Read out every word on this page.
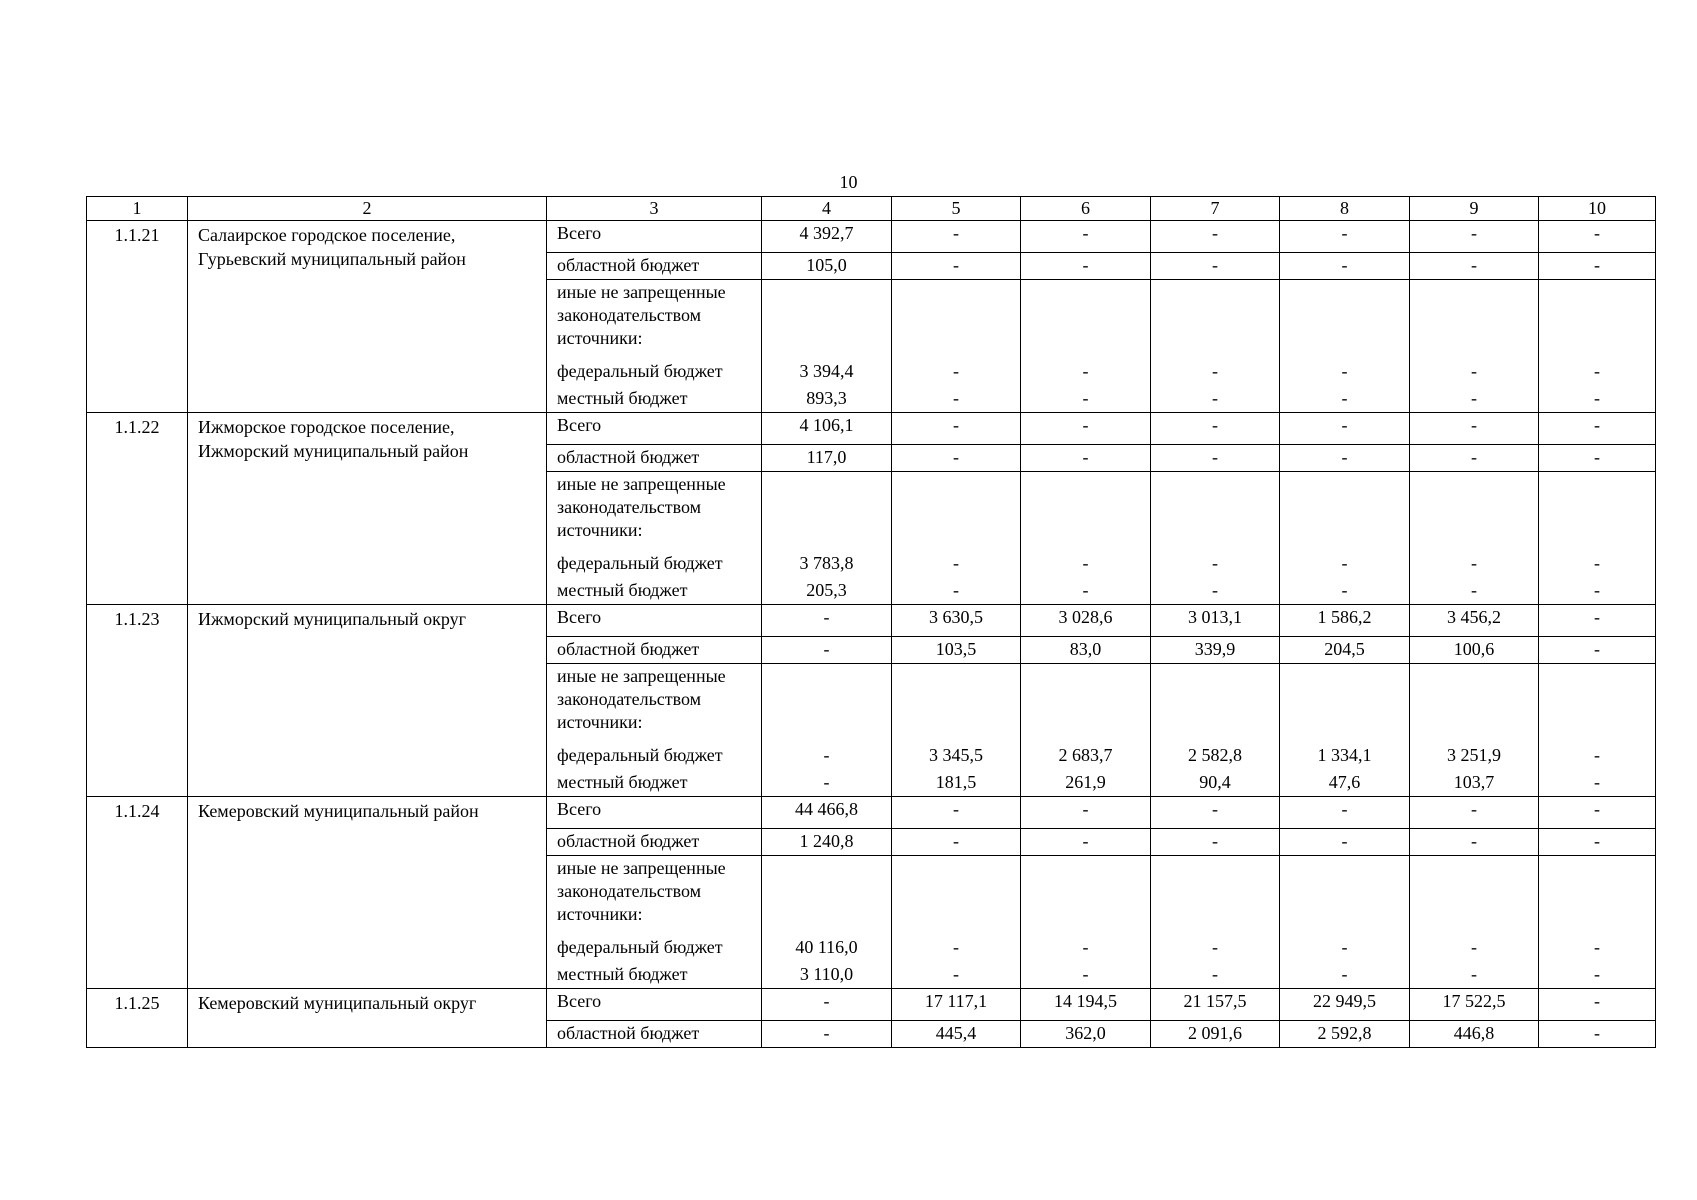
10
1	2	3	4	5	6	7	8	9	10
1.1.21	Салаирское городское поселение, Гурьевский муниципальный район	Всего	4 392,7	-	-	-	-	-	-
		областной бюджет	105,0	-	-	-	-	-	-
		иные не запрещенные законодательством источники:							
		федеральный бюджет	3 394,4	-	-	-	-	-	-
		местный бюджет	893,3	-	-	-	-	-	-
1.1.22	Ижморское городское поселение, Ижморский муниципальный район	Всего	4 106,1	-	-	-	-	-	-
		областной бюджет	117,0	-	-	-	-	-	-
		иные не запрещенные законодательством источники:							
		федеральный бюджет	3 783,8	-	-	-	-	-	-
		местный бюджет	205,3	-	-	-	-	-	-
1.1.23	Ижморский муниципальный округ	Всего	-	3 630,5	3 028,6	3 013,1	1 586,2	3 456,2	-
		областной бюджет	-	103,5	83,0	339,9	204,5	100,6	-
		иные не запрещенные законодательством источники:							
		федеральный бюджет	-	3 345,5	2 683,7	2 582,8	1 334,1	3 251,9	-
		местный бюджет	-	181,5	261,9	90,4	47,6	103,7	-
1.1.24	Кемеровский муниципальный район	Всего	44 466,8	-	-	-	-	-	-
		областной бюджет	1 240,8	-	-	-	-	-	-
		иные не запрещенные законодательством источники:							
		федеральный бюджет	40 116,0	-	-	-	-	-	-
		местный бюджет	3 110,0	-	-	-	-	-	-
1.1.25	Кемеровский муниципальный округ	Всего	-	17 117,1	14 194,5	21 157,5	22 949,5	17 522,5	-
		областной бюджет	-	445,4	362,0	2 091,6	2 592,8	446,8	-
